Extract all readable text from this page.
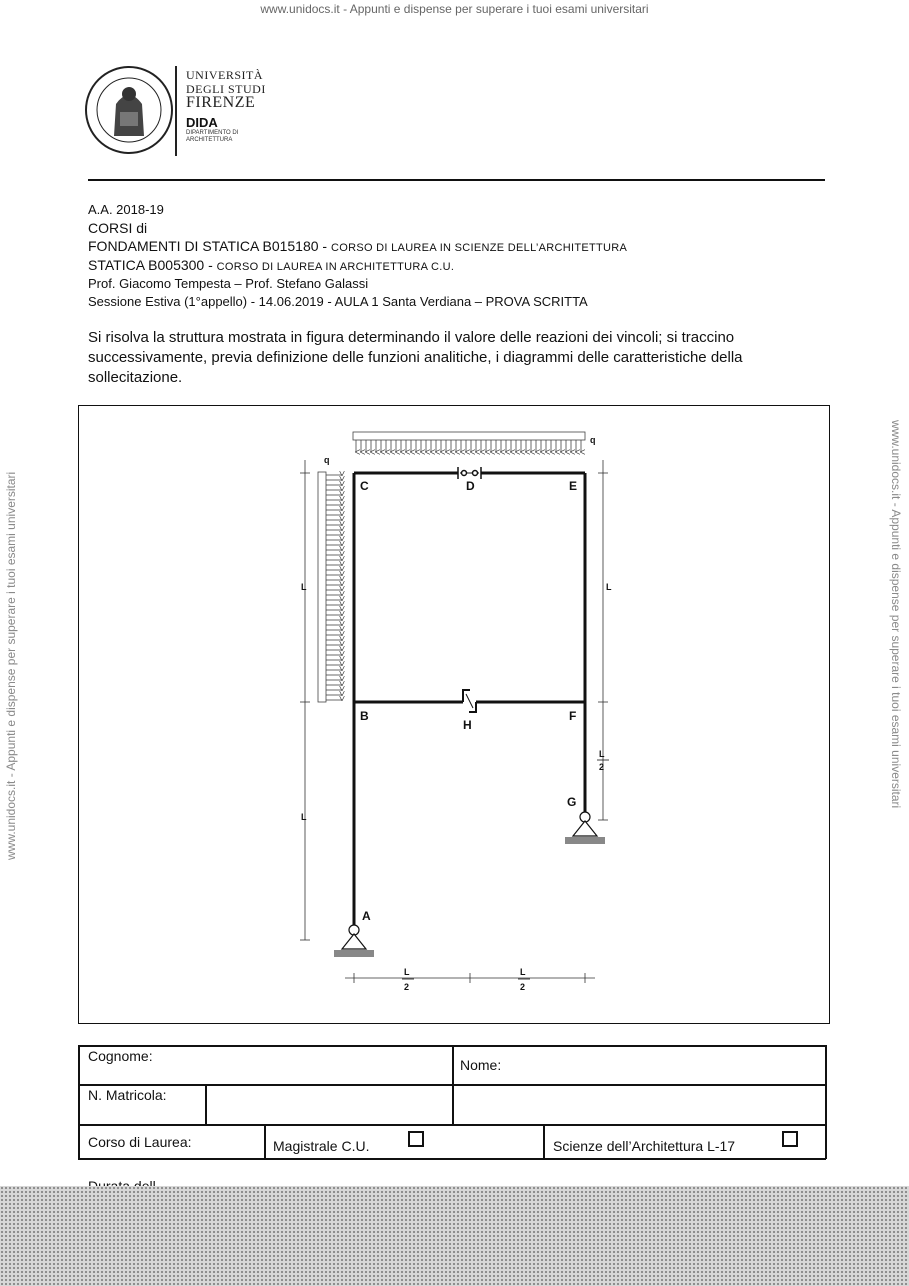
www.unidocs.it - Appunti e dispense per superare i tuoi esami universitari
UNIVERSITÀ
DEGLI STUDI
FIRENZE
DIDA
DIPARTIMENTO DI
ARCHITETTURA
A.A. 2018-19
CORSI di
FONDAMENTI DI STATICA B015180 - CORSO DI LAUREA IN SCIENZE DELL’ARCHITETTURA
STATICA B005300 - CORSO DI LAUREA IN ARCHITETTURA C.U.
Prof. Giacomo Tempesta – Prof. Stefano Galassi
Sessione Estiva (1°appello) - 14.06.2019 - AULA 1 Santa Verdiana – PROVA SCRITTA
Si risolva la struttura mostrata in figura determinando il valore delle reazioni dei vincoli; si traccino successivamente, previa definizione delle funzioni analitiche, i diagrammi delle caratteristiche della sollecitazione.
C	D	E
B
H
F
G
A
q
q
L
L
L
L
2
L
2
L
2
Cognome:
Nome:
N. Matricola:
Corso di Laurea:	Magistrale C.U.	Scienze dell’Architettura L-17
www.unidocs.it - Appunti e dispense per superare i tuoi esami universitari	www.unidocs.it - Appunti e dispense per superare i tuoi esami universitari
